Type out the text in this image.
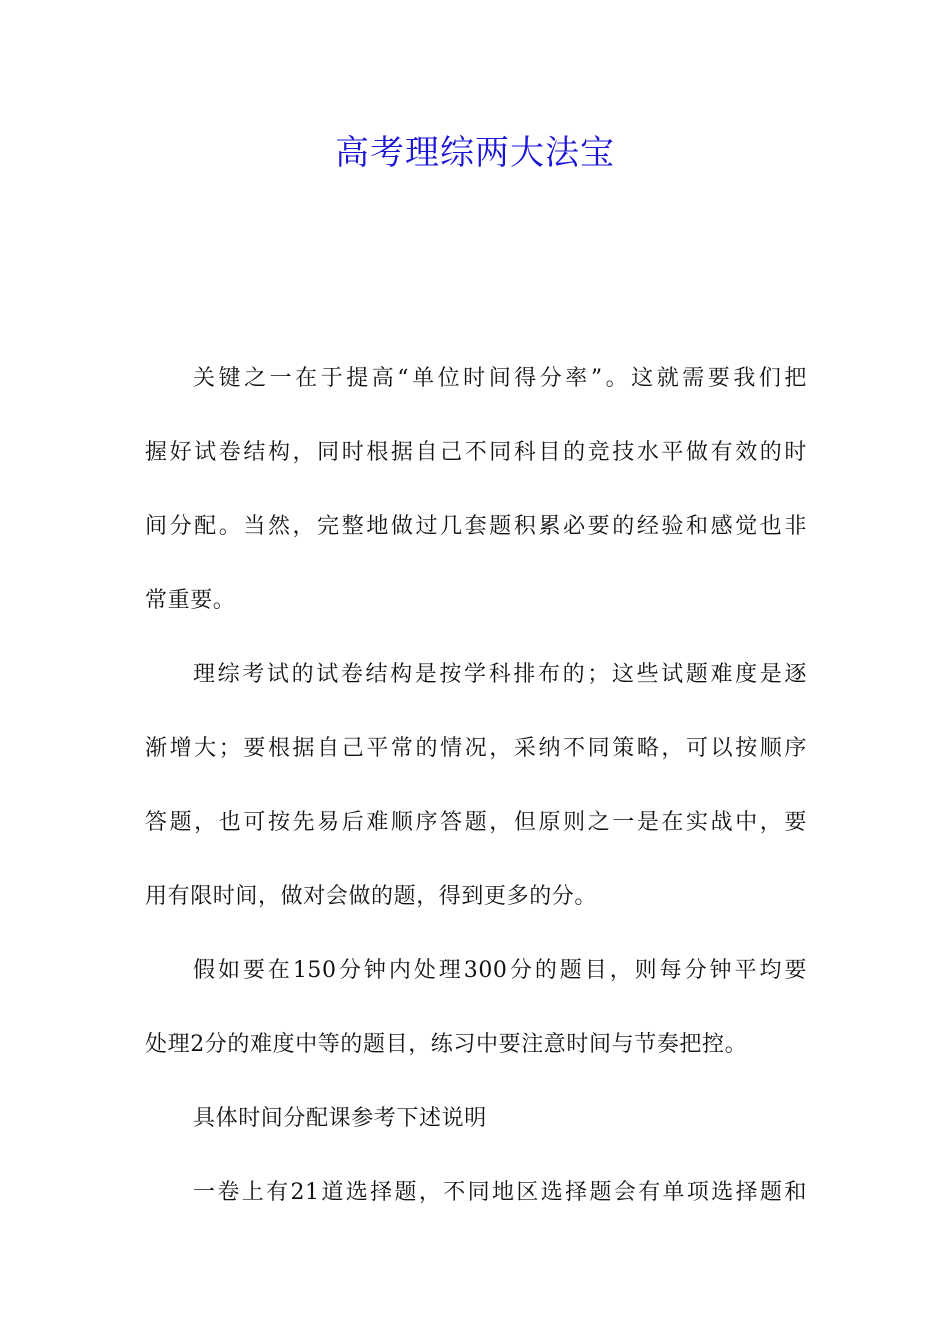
高考理综两大法宝
关键之一在于提高“单位时间得分率”。这就需要我们把
握好试卷结构，同时根据自己不同科目的竞技水平做有效的时
间分配。当然，完整地做过几套题积累必要的经验和感觉也非
常重要。
理综考试的试卷结构是按学科排布的；这些试题难度是逐
渐增大；要根据自己平常的情况，采纳不同策略，可以按顺序
答题，也可按先易后难顺序答题，但原则之一是在实战中，要
用有限时间，做对会做的题，得到更多的分。
假如要在150分钟内处理300分的题目，则每分钟平均要
处理2分的难度中等的题目，练习中要注意时间与节奏把控。
具体时间分配课参考下述说明
一卷上有21道选择题，不同地区选择题会有单项选择题和
